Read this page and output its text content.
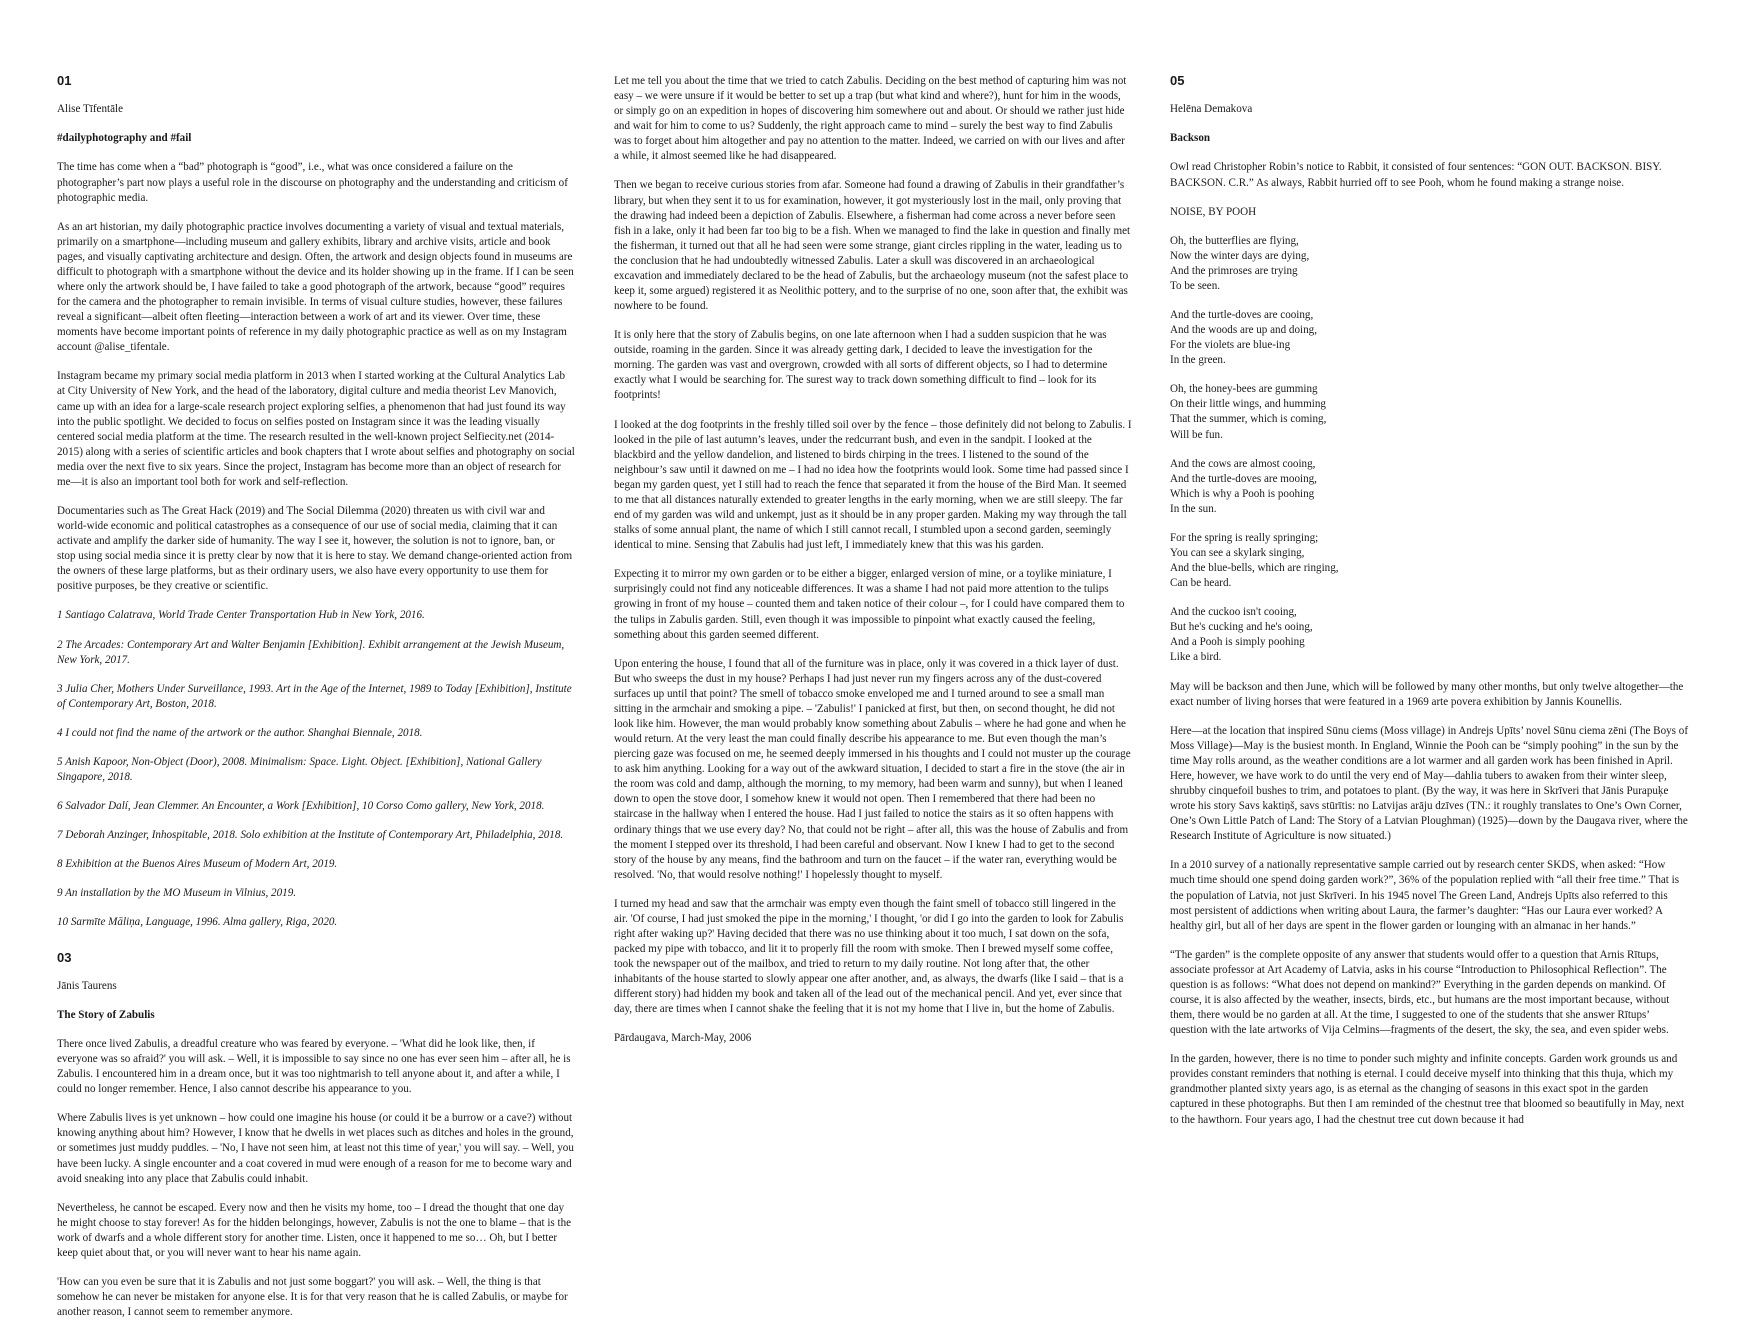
01

Alise Tīfentāle

#dailyphotography and #fail

The time has come when a “bad” photograph is “good”, i.e., what was once considered a failure on the photographer’s part now plays a useful role in the discourse on photography and the understanding and criticism of photographic media.

As an art historian, my daily photographic practice involves documenting a variety of visual and textual materials, primarily on a smartphone—including museum and gallery exhibits, library and archive visits, article and book pages, and visually captivating architecture and design. Often, the artwork and design objects found in museums are difficult to photograph with a smartphone without the device and its holder showing up in the frame. If I can be seen where only the artwork should be, I have failed to take a good photograph of the artwork, because “good” requires for the camera and the photographer to remain invisible. In terms of visual culture studies, however, these failures reveal a significant—albeit often fleeting—interaction between a work of art and its viewer. Over time, these moments have become important points of reference in my daily photographic practice as well as on my Instagram account @alise_tifentale.

Instagram became my primary social media platform in 2013 when I started working at the Cultural Analytics Lab at City University of New York, and the head of the laboratory, digital culture and media theorist Lev Manovich, came up with an idea for a large-scale research project exploring selfies, a phenomenon that had just found its way into the public spotlight. We decided to focus on selfies posted on Instagram since it was the leading visually centered social media platform at the time. The research resulted in the well-known project Selfiecity.net (2014-2015) along with a series of scientific articles and book chapters that I wrote about selfies and photography on social media over the next five to six years. Since the project, Instagram has become more than an object of research for me—it is also an important tool both for work and self-reflection.

Documentaries such as The Great Hack (2019) and The Social Dilemma (2020) threaten us with civil war and world-wide economic and political catastrophes as a consequence of our use of social media, claiming that it can activate and amplify the darker side of humanity. The way I see it, however, the solution is not to ignore, ban, or stop using social media since it is pretty clear by now that it is here to stay. We demand change-oriented action from the owners of these large platforms, but as their ordinary users, we also have every opportunity to use them for positive purposes, be they creative or scientific.

1 Santiago Calatrava, World Trade Center Transportation Hub in New York, 2016.

2 The Arcades: Contemporary Art and Walter Benjamin [Exhibition]. Exhibit arrangement at the Jewish Museum, New York, 2017.

3 Julia Cher, Mothers Under Surveillance, 1993. Art in the Age of the Internet, 1989 to Today [Exhibition], Institute of Contemporary Art, Boston, 2018.

4 I could not find the name of the artwork or the author. Shanghai Biennale, 2018.

5 Anish Kapoor, Non-Object (Door), 2008. Minimalism: Space. Light. Object. [Exhibition], National Gallery Singapore, 2018.

6 Salvador Dalí, Jean Clemmer. An Encounter, a Work [Exhibition], 10 Corso Como gallery, New York, 2018.

7 Deborah Anzinger, Inhospitable, 2018. Solo exhibition at the Institute of Contemporary Art, Philadelphia, 2018.

8 Exhibition at the Buenos Aires Museum of Modern Art, 2019.

9 An installation by the MO Museum in Vilnius, 2019.

10 Sarmīte Māliņa, Language, 1996. Alma gallery, Riga, 2020.

03

Jānis Taurens

The Story of Zabulis

There once lived Zabulis, a dreadful creature who was feared by everyone. – 'What did he look like, then, if everyone was so afraid?' you will ask. – Well, it is impossible to say since no one has ever seen him – after all, he is Zabulis. I encountered him in a dream once, but it was too nightmarish to tell anyone about it, and after a while, I could no longer remember. Hence, I also cannot describe his appearance to you.

Where Zabulis lives is yet unknown – how could one imagine his house (or could it be a burrow or a cave?) without knowing anything about him? However, I know that he dwells in wet places such as ditches and holes in the ground, or sometimes just muddy puddles. – 'No, I have not seen him, at least not this time of year,' you will say. – Well, you have been lucky. A single encounter and a coat covered in mud were enough of a reason for me to become wary and avoid sneaking into any place that Zabulis could inhabit.

Nevertheless, he cannot be escaped. Every now and then he visits my home, too – I dread the thought that one day he might choose to stay forever! As for the hidden belongings, however, Zabulis is not the one to blame – that is the work of dwarfs and a whole different story for another time. Listen, once it happened to me so… Oh, but I better keep quiet about that, or you will never want to hear his name again.

'How can you even be sure that it is Zabulis and not just some boggart?' you will ask. – Well, the thing is that somehow he can never be mistaken for anyone else. It is for that very reason that he is called Zabulis, or maybe for another reason, I cannot seem to remember anymore.

Let me tell you about the time that we tried to catch Zabulis. Deciding on the best method of capturing him was not easy – we were unsure if it would be better to set up a trap (but what kind and where?), hunt for him in the woods, or simply go on an expedition in hopes of discovering him somewhere out and about. Or should we rather just hide and wait for him to come to us? Suddenly, the right approach came to mind – surely the best way to find Zabulis was to forget about him altogether and pay no attention to the matter. Indeed, we carried on with our lives and after a while, it almost seemed like he had disappeared.

Then we began to receive curious stories from afar. Someone had found a drawing of Zabulis in their grandfather’s library, but when they sent it to us for examination, however, it got mysteriously lost in the mail, only proving that the drawing had indeed been a depiction of Zabulis. Elsewhere, a fisherman had come across a never before seen fish in a lake, only it had been far too big to be a fish. When we managed to find the lake in question and finally met the fisherman, it turned out that all he had seen were some strange, giant circles rippling in the water, leading us to the conclusion that he had undoubtedly witnessed Zabulis. Later a skull was discovered in an archaeological excavation and immediately declared to be the head of Zabulis, but the archaeology museum (not the safest place to keep it, some argued) registered it as Neolithic pottery, and to the surprise of no one, soon after that, the exhibit was nowhere to be found.

It is only here that the story of Zabulis begins, on one late afternoon when I had a sudden suspicion that he was outside, roaming in the garden. Since it was already getting dark, I decided to leave the investigation for the morning. The garden was vast and overgrown, crowded with all sorts of different objects, so I had to determine exactly what I would be searching for. The surest way to track down something difficult to find – look for its footprints!

I looked at the dog footprints in the freshly tilled soil over by the fence – those definitely did not belong to Zabulis. I looked in the pile of last autumn’s leaves, under the redcurrant bush, and even in the sandpit. I looked at the blackbird and the yellow dandelion, and listened to birds chirping in the trees. I listened to the sound of the neighbour’s saw until it dawned on me – I had no idea how the footprints would look. Some time had passed since I began my garden quest, yet I still had to reach the fence that separated it from the house of the Bird Man. It seemed to me that all distances naturally extended to greater lengths in the early morning, when we are still sleepy. The far end of my garden was wild and unkempt, just as it should be in any proper garden. Making my way through the tall stalks of some annual plant, the name of which I still cannot recall, I stumbled upon a second garden, seemingly identical to mine. Sensing that Zabulis had just left, I immediately knew that this was his garden.

Expecting it to mirror my own garden or to be either a bigger, enlarged version of mine, or a toylike miniature, I surprisingly could not find any noticeable differences. It was a shame I had not paid more attention to the tulips growing in front of my house – counted them and taken notice of their colour –, for I could have compared them to the tulips in Zabulis garden. Still, even though it was impossible to pinpoint what exactly caused the feeling, something about this garden seemed different.

Upon entering the house, I found that all of the furniture was in place, only it was covered in a thick layer of dust. But who sweeps the dust in my house? Perhaps I had just never run my fingers across any of the dust-covered surfaces up until that point? The smell of tobacco smoke enveloped me and I turned around to see a small man sitting in the armchair and smoking a pipe. – 'Zabulis!' I panicked at first, but then, on second thought, he did not look like him. However, the man would probably know something about Zabulis – where he had gone and when he would return. At the very least the man could finally describe his appearance to me. But even though the man’s piercing gaze was focused on me, he seemed deeply immersed in his thoughts and I could not muster up the courage to ask him anything. Looking for a way out of the awkward situation, I decided to start a fire in the stove (the air in the room was cold and damp, although the morning, to my memory, had been warm and sunny), but when I leaned down to open the stove door, I somehow knew it would not open. Then I remembered that there had been no staircase in the hallway when I entered the house. Had I just failed to notice the stairs as it so often happens with ordinary things that we use every day? No, that could not be right – after all, this was the house of Zabulis and from the moment I stepped over its threshold, I had been careful and observant. Now I knew I had to get to the second story of the house by any means, find the bathroom and turn on the faucet – if the water ran, everything would be resolved. 'No, that would resolve nothing!' I hopelessly thought to myself.

I turned my head and saw that the armchair was empty even though the faint smell of tobacco still lingered in the air. 'Of course, I had just smoked the pipe in the morning,' I thought, 'or did I go into the garden to look for Zabulis right after waking up?' Having decided that there was no use thinking about it too much, I sat down on the sofa, packed my pipe with tobacco, and lit it to properly fill the room with smoke. Then I brewed myself some coffee, took the newspaper out of the mailbox, and tried to return to my daily routine. Not long after that, the other inhabitants of the house started to slowly appear one after another, and, as always, the dwarfs (like I said – that is a different story) had hidden my book and taken all of the lead out of the mechanical pencil. And yet, ever since that day, there are times when I cannot shake the feeling that it is not my home that I live in, but the home of Zabulis.

Pārdaugava, March-May, 2006

05

Helēna Demakova

Backson

Owl read Christopher Robin’s notice to Rabbit, it consisted of four sentences: “GON OUT. BACKSON. BISY. BACKSON. C.R.” As always, Rabbit hurried off to see Pooh, whom he found making a strange noise.

NOISE, BY POOH

Oh, the butterflies are flying,
Now the winter days are dying,
And the primroses are trying
To be seen.

And the turtle-doves are cooing,
And the woods are up and doing,
For the violets are blue-ing
In the green.

Oh, the honey-bees are gumming
On their little wings, and humming
That the summer, which is coming,
Will be fun.

And the cows are almost cooing,
And the turtle-doves are mooing,
Which is why a Pooh is poohing
In the sun.

For the spring is really springing;
You can see a skylark singing,
And the blue-bells, which are ringing,
Can be heard.

And the cuckoo isn't cooing,
But he's cucking and he's ooing,
And a Pooh is simply poohing
Like a bird.

May will be backson and then June, which will be followed by many other months, but only twelve altogether—the exact number of living horses that were featured in a 1969 arte povera exhibition by Jannis Kounellis.

Here—at the location that inspired Sūnu ciems (Moss village) in Andrejs Upīts’ novel Sūnu ciema zēni (The Boys of Moss Village)—May is the busiest month. In England, Winnie the Pooh can be “simply poohing” in the sun by the time May rolls around, as the weather conditions are a lot warmer and all garden work has been finished in April. Here, however, we have work to do until the very end of May—dahlia tubers to awaken from their winter sleep, shrubby cinquefoil bushes to trim, and potatoes to plant. (By the way, it was here in Skrīveri that Jānis Purapuķe wrote his story Savs kaktiņš, savs stūrītis: no Latvijas arāju dzīves (TN.: it roughly translates to One’s Own Corner, One’s Own Little Patch of Land: The Story of a Latvian Ploughman) (1925)—down by the Daugava river, where the Research Institute of Agriculture is now situated.)

In a 2010 survey of a nationally representative sample carried out by research center SKDS, when asked: “How much time should one spend doing garden work?”, 36% of the population replied with “all their free time.” That is the population of Latvia, not just Skrīveri. In his 1945 novel The Green Land, Andrejs Upīts also referred to this most persistent of addictions when writing about Laura, the farmer’s daughter: “Has our Laura ever worked? A healthy girl, but all of her days are spent in the flower garden or lounging with an almanac in her hands.”

“The garden” is the complete opposite of any answer that students would offer to a question that Arnis Rītups, associate professor at Art Academy of Latvia, asks in his course “Introduction to Philosophical Reflection”. The question is as follows: “What does not depend on mankind?” Everything in the garden depends on mankind. Of course, it is also affected by the weather, insects, birds, etc., but humans are the most important because, without them, there would be no garden at all. At the time, I suggested to one of the students that she answer Rītups’ question with the late artworks of Vija Celmins—fragments of the desert, the sky, the sea, and even spider webs.

In the garden, however, there is no time to ponder such mighty and infinite concepts. Garden work grounds us and provides constant reminders that nothing is eternal. I could deceive myself into thinking that this thuja, which my grandmother planted sixty years ago, is as eternal as the changing of seasons in this exact spot in the garden captured in these photographs. But then I am reminded of the chestnut tree that bloomed so beautifully in May, next to the hawthorn. Four years ago, I had the chestnut tree cut down because it had
